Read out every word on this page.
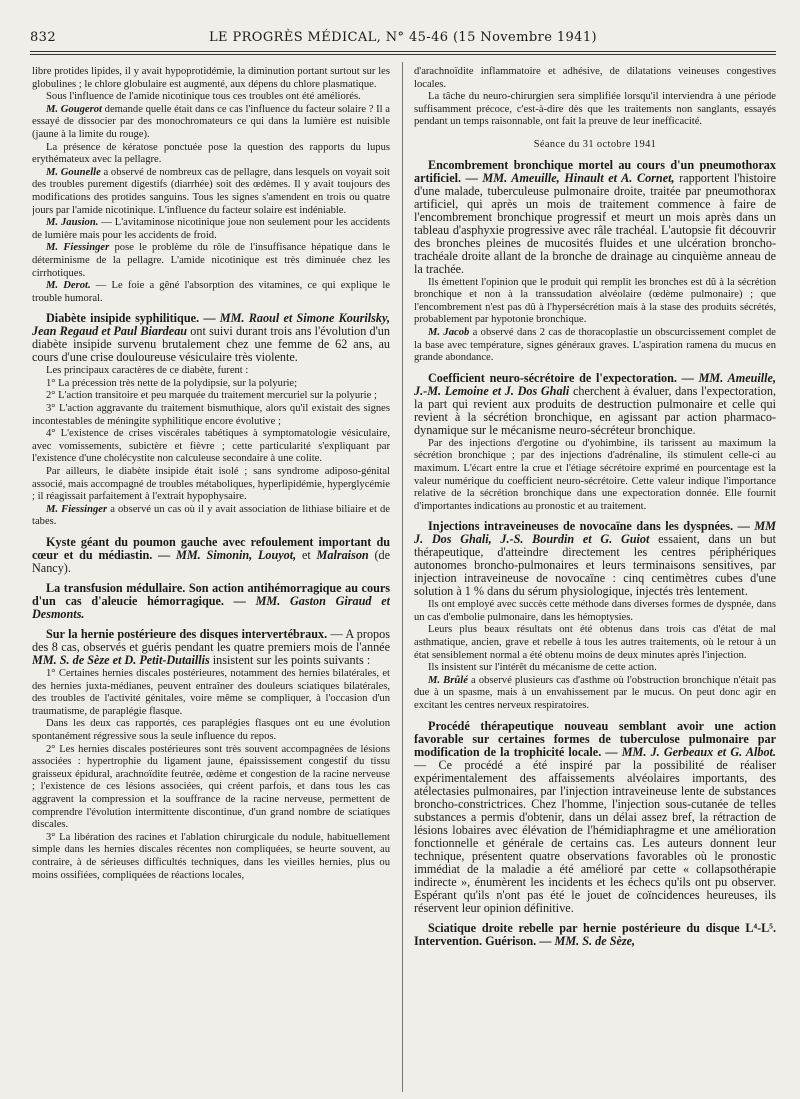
832	LE PROGRÈS MÉDICAL, N° 45-46 (15 Novembre 1941)

libre protides lipides, il y avait hypoprotidémie, la diminution portant surtout sur les globulines ; le chlore globulaire est augmenté, aux dépens du chlore plasmatique.

Sous l'influence de l'amide nicotinique tous ces troubles ont été améliorés.

M. Gougerot demande quelle était dans ce cas l'influence du facteur solaire ? Il a essayé de dissocier par des monochromateurs ce qui dans la lumière est nuisible (jaune à la limite du rouge).

La présence de kératose ponctuée pose la question des rapports du lupus erythémateux avec la pellagre.

M. Gounelle a observé de nombreux cas de pellagre, dans lesquels on voyait soit des troubles purement digestifs (diarrhée) soit des œdèmes. Il y avait toujours des modifications des protides sanguins. Tous les signes s'amendent en trois ou quatre jours par l'amide nicotinique. L'influence du facteur solaire est indéniable.

M. Jausion. — L'avitaminose nicotinique joue non seulement pour les accidents de lumière mais pour les accidents de froid.

M. Fiessinger pose le problème du rôle de l'insuffisance hépatique dans le déterminisme de la pellagre. L'amide nicotinique est très diminuée chez les cirrhotiques.

M. Derot. — Le foie a gêné l'absorption des vitamines, ce qui explique le trouble humoral.

Diabète insipide syphilitique. — MM. Raoul et Simone Kourilsky, Jean Regaud et Paul Biardeau ont suivi durant trois ans l'évolution d'un diabète insipide survenu brutalement chez une femme de 62 ans, au cours d'une crise douloureuse vésiculaire très violente.

Les principaux caractères de ce diabète, furent :

1° La précession très nette de la polydipsie, sur la polyurie;

2° L'action transitoire et peu marquée du traitement mercuriel sur la polyurie ;

3° L'action aggravante du traitement bismuthique, alors qu'il existait des signes incontestables de méningite syphilitique encore évolutive ;

4° L'existence de crises viscérales tabétiques à symptomatologie vésiculaire, avec vomissements, subictère et fièvre ; cette particularité s'expliquant par l'existence d'une cholécystite non calculeuse secondaire à une colite.

Par ailleurs, le diabète insipide était isolé ; sans syndrome adiposo-génital associé, mais accompagné de troubles métaboliques, hyperlipidémie, hyperglycémie ; il réagissait parfaitement à l'extrait hypophysaire.

M. Fiessinger a observé un cas où il y avait association de lithiase biliaire et de tabes.

Kyste géant du poumon gauche avec refoulement important du cœur et du médiastin. — MM. Simonin, Louyot, et Malraison (de Nancy).
La transfusion médullaire. Son action antihémorragique au cours d'un cas d'aleucie hémorragique. — MM. Gaston Giraud et Desmonts.
Sur la hernie postérieure des disques intervertébraux. — A propos des 8 cas, observés et guéris pendant les quatre premiers mois de l'année MM. S. de Sèze et D. Petit-Dutaillis insistent sur les points suivants :

1° Certaines hernies discales postérieures, notamment des hernies bilatérales, et des hernies juxta-médianes, peuvent entraîner des douleurs sciatiques bilatérales, des troubles de l'activité génitales, voire même se compliquer, à l'occasion d'un traumatisme, de paraplégie flasque.

Dans les deux cas rapportés, ces paraplégies flasques ont eu une évolution spontanément régressive sous la seule influence du repos.

2° Les hernies discales postérieures sont très souvent accompagnées de lésions associées : hypertrophie du ligament jaune, épaississement congestif du tissu graisseux épidural, arachnoïdite feutrée, œdème et congestion de la racine nerveuse ; l'existence de ces lésions associées, qui créent parfois, et dans tous les cas aggravent la compression et la souffrance de la racine nerveuse, permettent de comprendre l'évolution intermittente discontinue, d'un grand nombre de sciatiques discales.

3° La libération des racines et l'ablation chirurgicale du nodule, habituellement simple dans les hernies discales récentes non compliquées, se heurte souvent, au contraire, à de sérieuses difficultés techniques, dans les vieilles hernies, plus ou moins ossifiées, compliquées de réactions locales,

d'arachnoïdite inflammatoire et adhésive, de dilatations veineuses congestives locales.

La tâche du neuro-chirurgien sera simplifiée lorsqu'il interviendra à une période suffisamment précoce, c'est-à-dire dès que les traitements non sanglants, essayés pendant un temps raisonnable, ont fait la preuve de leur inefficacité.

Séance du 31 octobre 1941
Encombrement bronchique mortel au cours d'un pneumothorax artificiel. — MM. Ameuille, Hinault et A. Cornet, rapportent l'histoire d'une malade, tuberculeuse pulmonaire droite, traitée par pneumothorax artificiel, qui après un mois de traitement commence à faire de l'encombrement bronchique progressif et meurt un mois après dans un tableau d'asphyxie progressive avec râle trachéal. L'autopsie fit découvrir des bronches pleines de mucosités fluides et une ulcération broncho-trachéale droite allant de la bronche de drainage au cinquième anneau de la trachée.

Ils émettent l'opinion que le produit qui remplit les bronches est dû à la sécrétion bronchique et non à la transsudation alvéolaire (œdème pulmonaire) ; que l'encombrement n'est pas dû à l'hypersécrétion mais à la stase des produits sécrétés, probablement par hypotonie bronchique.

M. Jacob a observé dans 2 cas de thoracoplastie un obscurcissement complet de la base avec température, signes généraux graves. L'aspiration ramena du mucus en grande abondance.

Coefficient neuro-sécrétoire de l'expectoration. — MM. Ameuille, J.-M. Lemoine et J. Dos Ghali cherchent à évaluer, dans l'expectoration, la part qui revient aux produits de destruction pulmonaire et celle qui revient à la sécrétion bronchique, en agissant par action pharmaco-dynamique sur le mécanisme neuro-sécréteur bronchique.

Par des injections d'ergotine ou d'yohimbine, ils tarissent au maximum la sécrétion bronchique ; par des injections d'adrénaline, ils stimulent celle-ci au maximum. L'écart entre la crue et l'étiage sécrétoire exprimé en pourcentage est la valeur numérique du coefficient neuro-sécrétoire. Cette valeur indique l'importance relative de la sécrétion bronchique dans une expectoration donnée. Elle fournit d'importantes indications au pronostic et au traitement.

Injections intraveineuses de novocaïne dans les dyspnées. — MM J. Dos Ghali, J.-S. Bourdin et G. Guiot essaient, dans un but thérapeutique, d'atteindre directement les centres périphériques autonomes broncho-pulmonaires et leurs terminaisons sensitives, par injection intraveineuse de novocaïne : cinq centimètres cubes d'une solution à 1 % dans du sérum physiologique, injectés très lentement.

Ils ont employé avec succès cette méthode dans diverses formes de dyspnée, dans un cas d'embolie pulmonaire, dans les hémoptysies.

Leurs plus beaux résultats ont été obtenus dans trois cas d'état de mal asthmatique, ancien, grave et rebelle à tous les autres traitements, où le retour à un état sensiblement normal a été obtenu moins de deux minutes après l'injection.

Ils insistent sur l'intérêt du mécanisme de cette action.

M. Brûlé a observé plusieurs cas d'asthme où l'obstruction bronchique n'était pas due à un spasme, mais à un envahissement par le mucus. On peut donc agir en excitant les centres nerveux respiratoires.

Procédé thérapeutique nouveau semblant avoir une action favorable sur certaines formes de tuberculose pulmonaire par modification de la trophicité locale. — MM. J. Gerbeaux et G. Albot. — Ce procédé a été inspiré par la possibilité de réaliser expérimentalement des affaissements alvéolaires importants, des atélectasies pulmonaires, par l'injection intraveineuse lente de substances broncho-constrictrices. Chez l'homme, l'injection sous-cutanée de telles substances a permis d'obtenir, dans un délai assez bref, la rétraction de lésions lobaires avec élévation de l'hémidiaphragme et une amélioration fonctionnelle et générale de certains cas. Les auteurs donnent leur technique, présentent quatre observations favorables où le pronostic immédiat de la maladie a été amélioré par cette « collapsothérapie indirecte », énumèrent les incidents et les échecs qu'ils ont pu observer. Espérant qu'ils n'ont pas été le jouet de coïncidences heureuses, ils réservent leur opinion définitive.
Sciatique droite rebelle par hernie postérieure du disque L⁴-L⁵. Intervention. Guérison. — MM. S. de Sèze,
